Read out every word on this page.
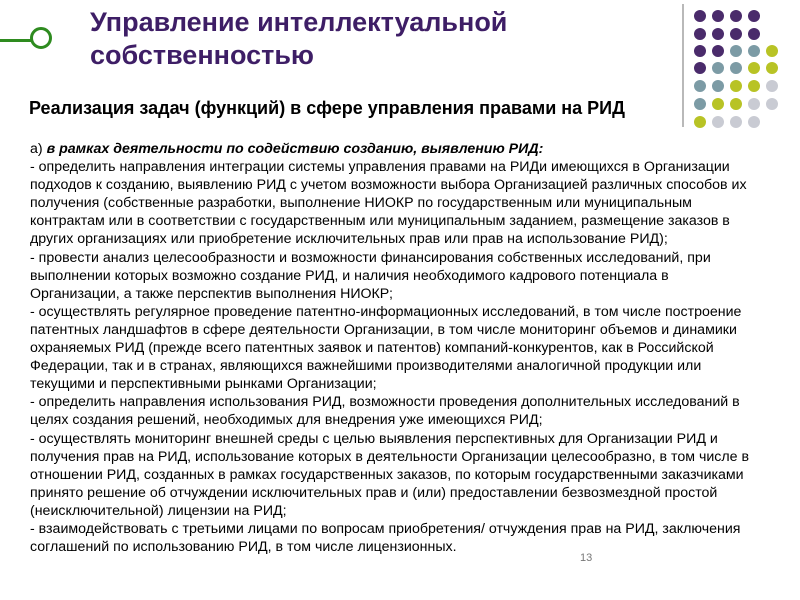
Управление интеллектуальной собственностью
Реализация задач (функций) в сфере управления правами на РИД

а) в рамках деятельности по содействию созданию, выявлению РИД:

- определить направления интеграции системы управления правами на РИДи имеющихся в Организации подходов к созданию, выявлению РИД с учетом возможности выбора Организацией различных способов их получения (собственные разработки, выполнение НИОКР по государственным или муниципальным контрактам или в соответствии с государственным или муниципальным заданием, размещение заказов в других организациях или приобретение исключительных прав или прав на использование РИД);

- провести анализ целесообразности и возможности финансирования собственных исследований, при выполнении которых возможно создание РИД, и наличия необходимого кадрового потенциала в Организации, а также перспектив выполнения НИОКР;

- осуществлять регулярное проведение патентно-информационных исследований, в том числе построение патентных ландшафтов в сфере деятельности Организации, в том числе мониторинг объемов и динамики охраняемых РИД (прежде всего патентных заявок и патентов) компаний-конкурентов, как в Российской Федерации, так и в странах, являющихся важнейшими производителями аналогичной продукции или текущими и перспективными рынками Организации;

- определить направления использования РИД, возможности проведения дополнительных исследований в целях создания решений, необходимых для внедрения уже имеющихся РИД;

- осуществлять мониторинг внешней среды с целью выявления перспективных для Организации РИД и получения прав на РИД, использование которых в деятельности Организации целесообразно, в том числе в отношении РИД, созданных в рамках государственных заказов, по которым государственными заказчиками принято решение об отчуждении исключительных прав и (или) предоставлении безвозмездной простой (неисключительной) лицензии на РИД;

- взаимодействовать с третьими лицами по вопросам приобретения/ отчуждения прав на РИД, заключения соглашений по использованию РИД, в том числе лицензионных.

13
